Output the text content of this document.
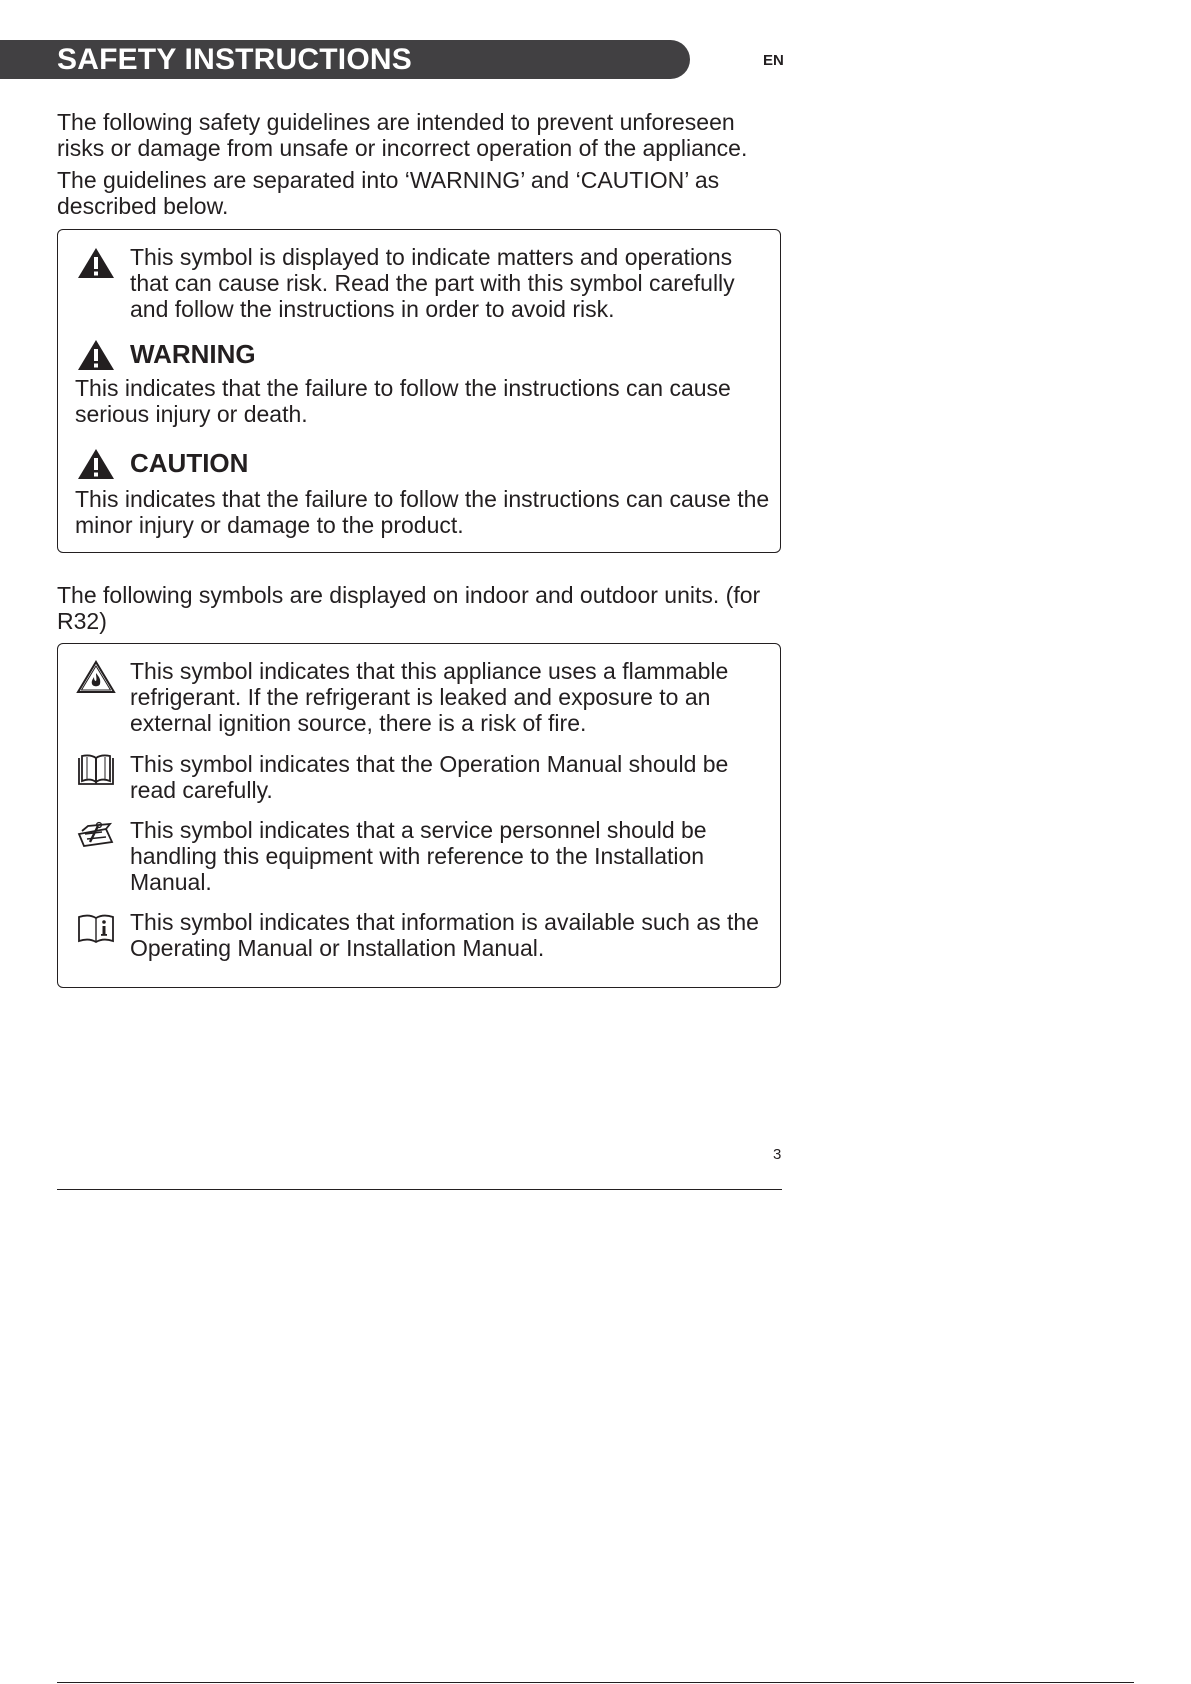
SAFETY INSTRUCTIONS	EN

The following safety guidelines are intended to prevent unforeseen risks or damage from unsafe or incorrect operation of the appliance.

The guidelines are separated into ‘WARNING’ and ‘CAUTION’ as described below.

This symbol is displayed to indicate matters and operations that can cause risk. Read the part with this symbol carefully and follow the instructions in order to avoid risk.

WARNING

This indicates that the failure to follow the instructions can cause serious injury or death.

CAUTION

This indicates that the failure to follow the instructions can cause the minor injury or damage to the product.

The following symbols are displayed on indoor and outdoor units. (for R32)

This symbol indicates that this appliance uses a flammable refrigerant. If the refrigerant is leaked and exposure to an external ignition source, there is a risk of fire.

This symbol indicates that the Operation Manual should be read carefully.

This symbol indicates that a service personnel should be handling this equipment with reference to the Installation Manual.

This symbol indicates that information is available such as the Operating Manual or Installation Manual.

3
